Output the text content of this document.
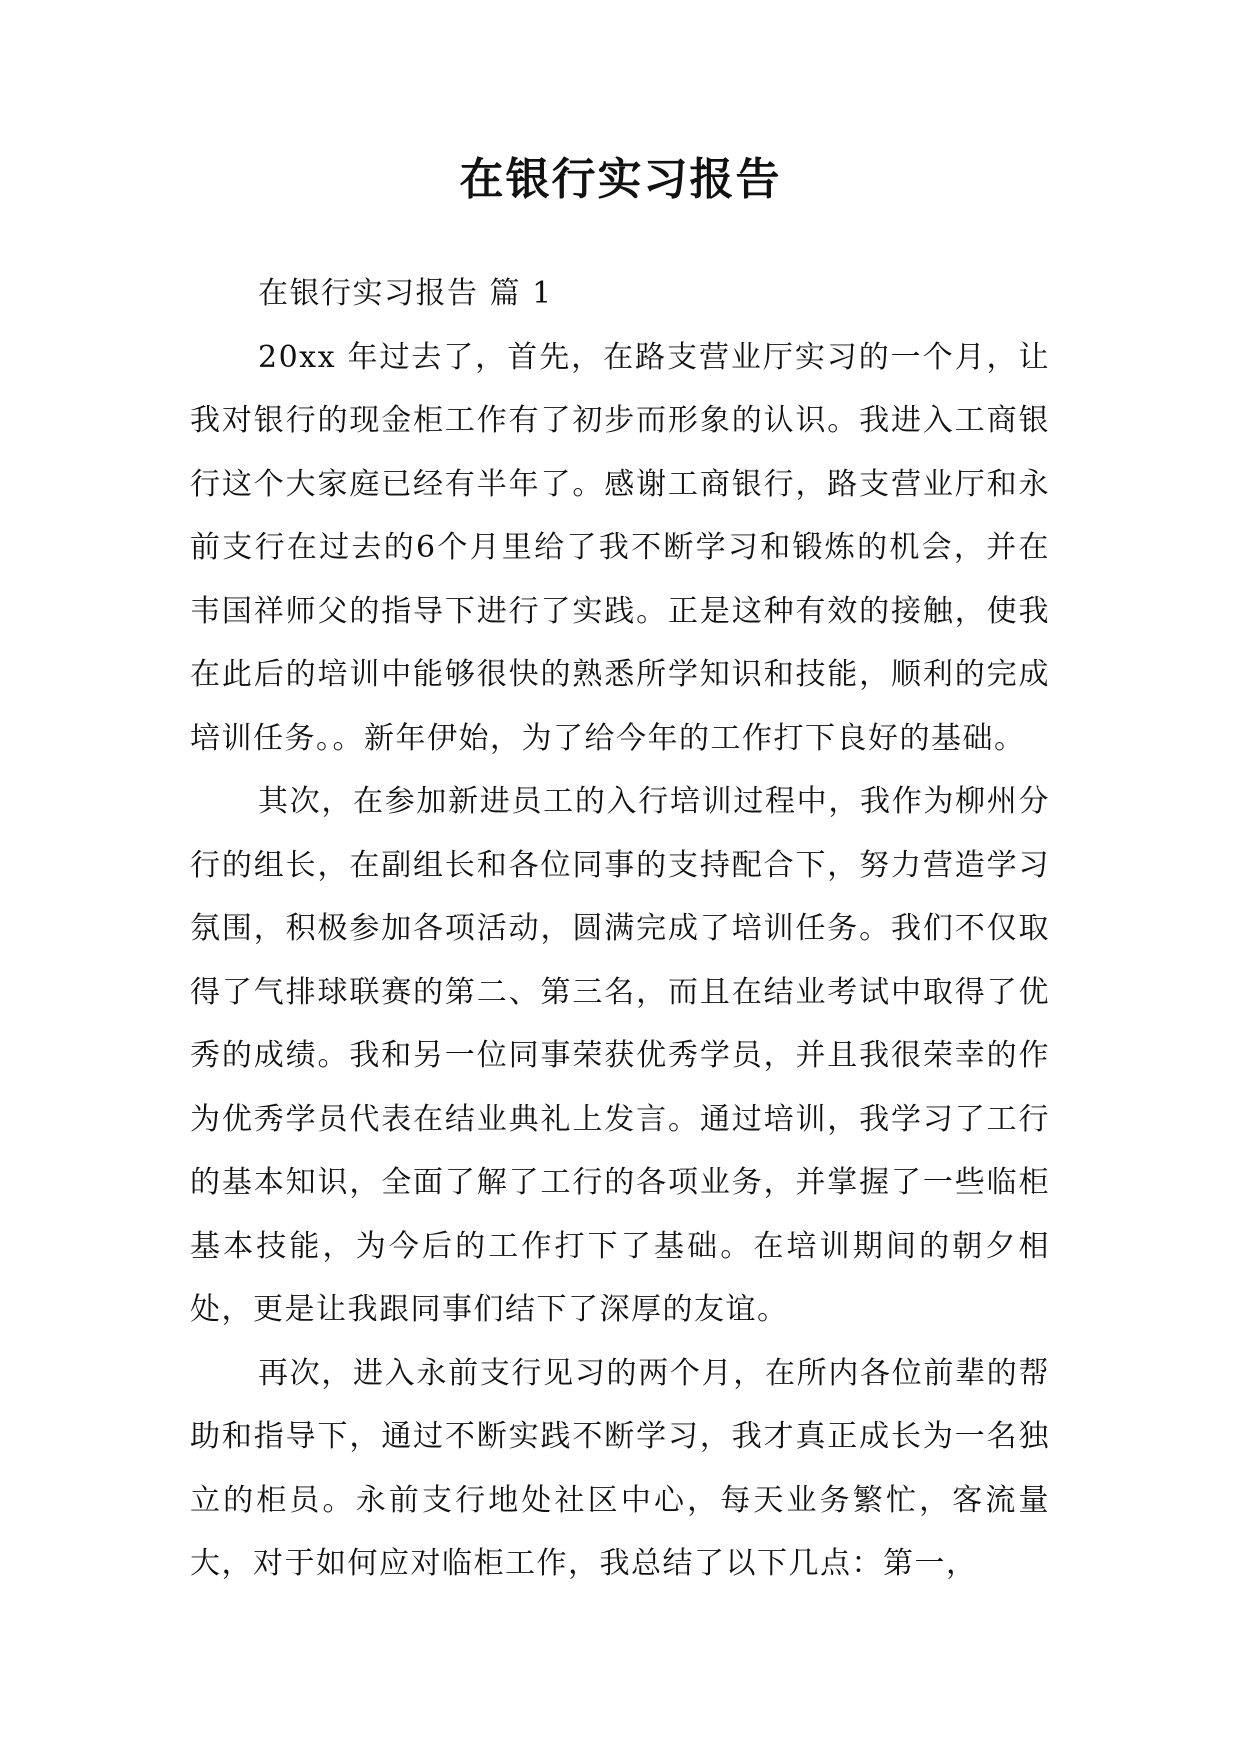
在银行实习报告

在银行实习报告 篇 1

20xx 年过去了，首先，在路支营业厅实习的一个月，让我对银行的现金柜工作有了初步而形象的认识。我进入工商银行这个大家庭已经有半年了。感谢工商银行，路支营业厅和永前支行在过去的6个月里给了我不断学习和锻炼的机会，并在韦国祥师父的指导下进行了实践。正是这种有效的接触，使我在此后的培训中能够很快的熟悉所学知识和技能，顺利的完成培训任务。。新年伊始，为了给今年的工作打下良好的基础。

其次，在参加新进员工的入行培训过程中，我作为柳州分行的组长，在副组长和各位同事的支持配合下，努力营造学习氛围，积极参加各项活动，圆满完成了培训任务。我们不仅取得了气排球联赛的第二、第三名，而且在结业考试中取得了优秀的成绩。我和另一位同事荣获优秀学员，并且我很荣幸的作为优秀学员代表在结业典礼上发言。通过培训，我学习了工行的基本知识，全面了解了工行的各项业务，并掌握了一些临柜基本技能，为今后的工作打下了基础。在培训期间的朝夕相处，更是让我跟同事们结下了深厚的友谊。

再次，进入永前支行见习的两个月，在所内各位前辈的帮助和指导下，通过不断实践不断学习，我才真正成长为一名独立的柜员。永前支行地处社区中心，每天业务繁忙，客流量大，对于如何应对临柜工作，我总结了以下几点：第一，
